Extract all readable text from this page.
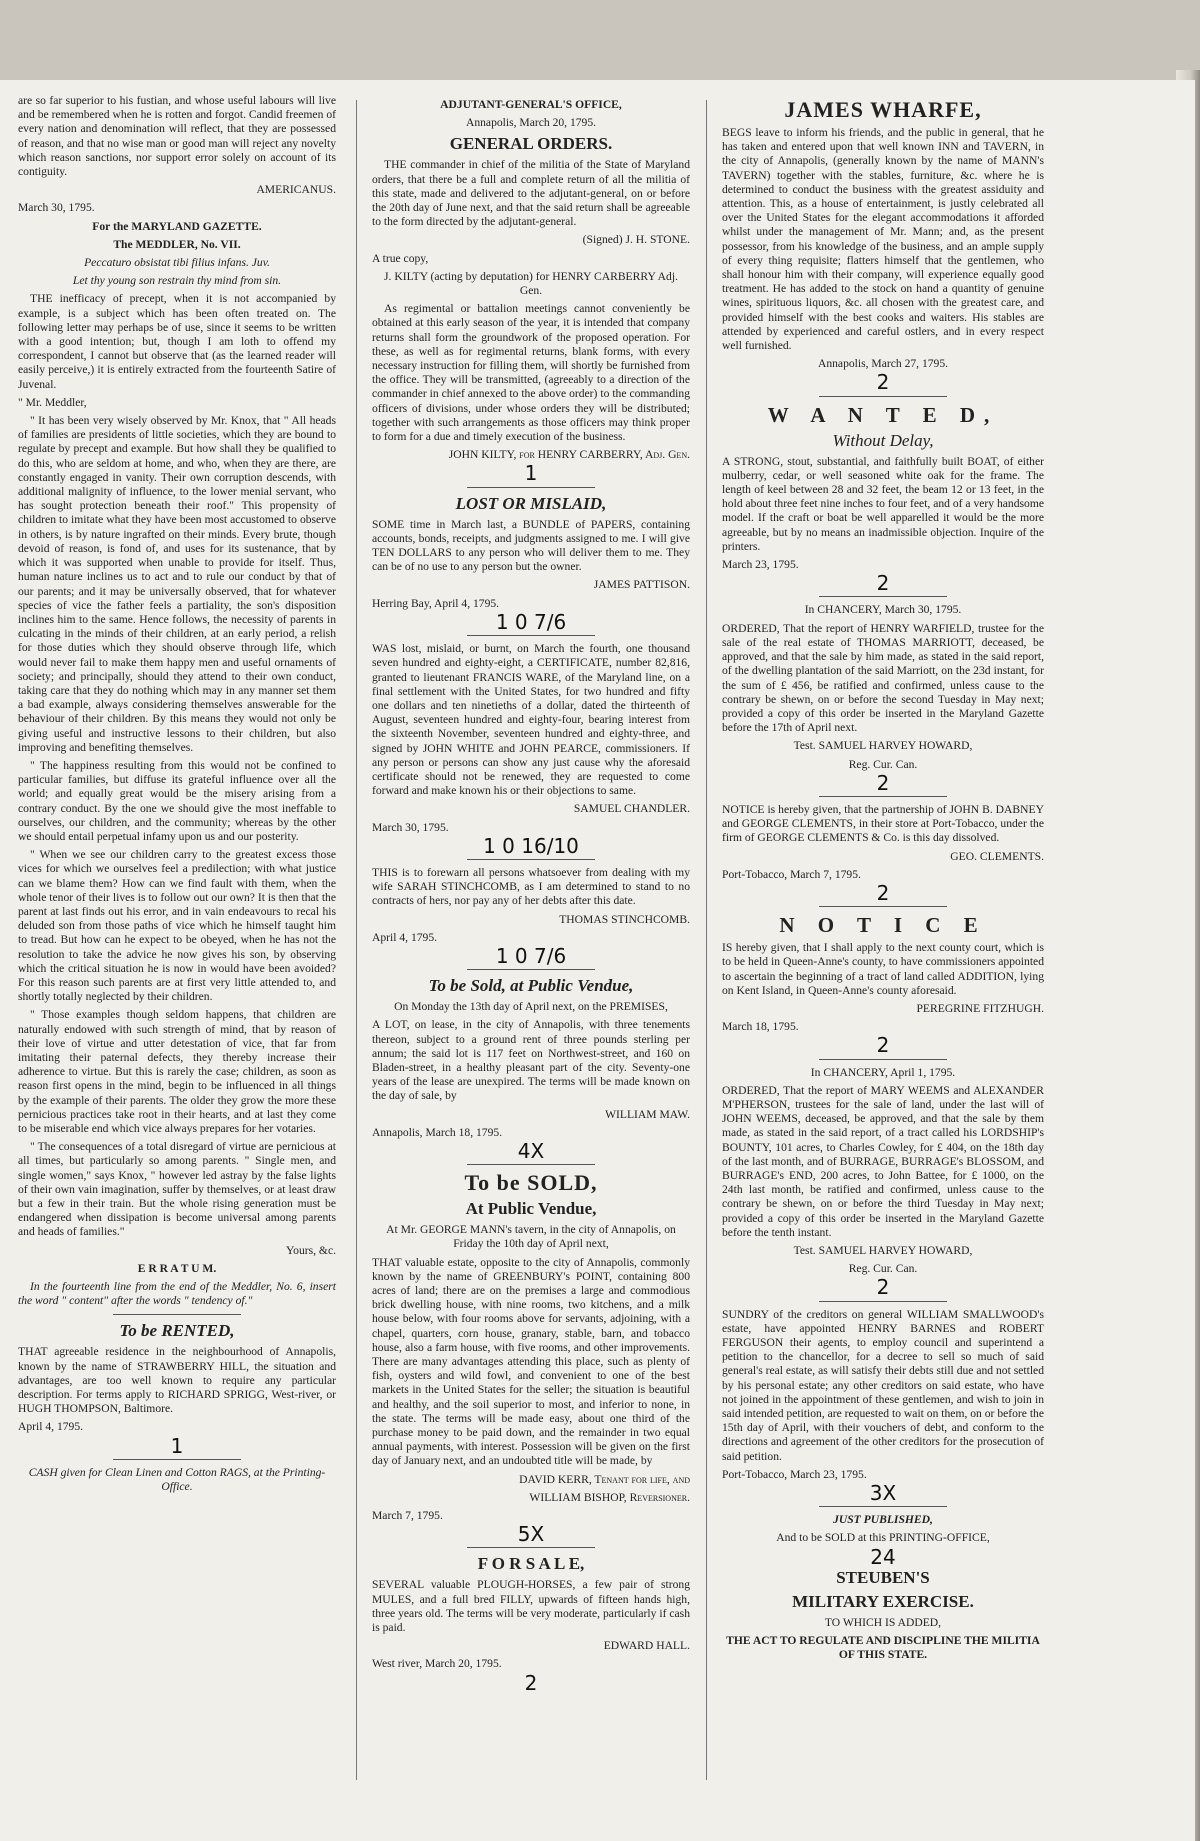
are so far superior to his fustian, and whose useful labours will live and be remembered when he is rotten and forgot. Candid freemen of every nation and denomination will reflect, that they are possessed of reason, and that no wise man or good man will reject any novelty which reason sanctions, nor support error solely on account of its contiguity.

AMERICANUS.

March 30, 1795.

For the MARYLAND GAZETTE.

The MEDDLER, No. VII.

Peccaturo obsistat tibi filius infans. Juv.

Let thy young son restrain thy mind from sin.

THE inefficacy of precept, when it is not accompanied by example, is a subject which has been often treated on. The following letter may perhaps be of use, since it seems to be written with a good intention; but, though I am loth to offend my correspondent, I cannot but observe that (as the learned reader will easily perceive,) it is entirely extracted from the fourteenth Satire of Juvenal.

" Mr. Meddler,

" It has been very wisely observed by Mr. Knox, that " All heads of families are presidents of little societies, which they are bound to regulate by precept and example. But how shall they be qualified to do this, who are seldom at home, and who, when they are there, are constantly engaged in vanity. Their own corruption descends, with additional malignity of influence, to the lower menial servant, who has sought protection beneath their roof." This propensity of children to imitate what they have been most accustomed to observe in others, is by nature ingrafted on their minds. Every brute, though devoid of reason, is fond of, and uses for its sustenance, that by which it was supported when unable to provide for itself. Thus, human nature inclines us to act and to rule our conduct by that of our parents; and it may be universally observed, that for whatever species of vice the father feels a partiality, the son's disposition inclines him to the same. Hence follows, the necessity of parents in culcating in the minds of their children, at an early period, a relish for those duties which they should observe through life, which would never fail to make them happy men and useful ornaments of society; and principally, should they attend to their own conduct, taking care that they do nothing which may in any manner set them a bad example, always considering themselves answerable for the behaviour of their children. By this means they would not only be giving useful and instructive lessons to their children, but also improving and benefiting themselves.

" The happiness resulting from this would not be confined to particular families, but diffuse its grateful influence over all the world; and equally great would be the misery arising from a contrary conduct. By the one we should give the most ineffable to ourselves, our children, and the community; whereas by the other we should entail perpetual infamy upon us and our posterity.

" When we see our children carry to the greatest excess those vices for which we ourselves feel a predilection; with what justice can we blame them? How can we find fault with them, when the whole tenor of their lives is to follow out our own? It is then that the parent at last finds out his error, and in vain endeavours to recal his deluded son from those paths of vice which he himself taught him to tread. But how can he expect to be obeyed, when he has not the resolution to take the advice he now gives his son, by observing which the critical situation he is now in would have been avoided? For this reason such parents are at first very little attended to, and shortly totally neglected by their children.

" Those examples though seldom happens, that children are naturally endowed with such strength of mind, that by reason of their love of virtue and utter detestation of vice, that far from imitating their paternal defects, they thereby increase their adherence to virtue. But this is rarely the case; children, as soon as reason first opens in the mind, begin to be influenced in all things by the example of their parents. The older they grow the more these pernicious practices take root in their hearts, and at last they come to be miserable end which vice always prepares for her votaries.

" The consequences of a total disregard of virtue are pernicious at all times, but particularly so among parents. " Single men, and single women," says Knox, " however led astray by the false lights of their own vain imagination, suffer by themselves, or at least draw but a few in their train. But the whole rising generation must be endangered when dissipation is become universal among parents and heads of families."

Yours, &c.

E R R A T U M.

In the fourteenth line from the end of the Meddler, No. 6, insert the word " content" after the words " tendency of."

To be RENTED,

THAT agreeable residence in the neighbourhood of Annapolis, known by the name of STRAWBERRY HILL, the situation and advantages, are too well known to require any particular description. For terms apply to RICHARD SPRIGG, West-river, or HUGH THOMPSON, Baltimore.

April 4, 1795.

1

CASH given for Clean Linen and Cotton RAGS, at the Printing-Office.

ADJUTANT-GENERAL'S OFFICE,

Annapolis, March 20, 1795.

GENERAL ORDERS.

THE commander in chief of the militia of the State of Maryland orders, that there be a full and complete return of all the militia of this state, made and delivered to the adjutant-general, on or before the 20th day of June next, and that the said return shall be agreeable to the form directed by the adjutant-general.

(Signed) J. H. STONE.

A true copy,

J. KILTY (acting by deputation) for HENRY CARBERRY Adj. Gen.

As regimental or battalion meetings cannot conveniently be obtained at this early season of the year, it is intended that company returns shall form the groundwork of the proposed operation. For these, as well as for regimental returns, blank forms, with every necessary instruction for filling them, will shortly be furnished from the office. They will be transmitted, (agreeably to a direction of the commander in chief annexed to the above order) to the commanding officers of divisions, under whose orders they will be distributed; together with such arrangements as those officers may think proper to form for a due and timely execution of the business.

JOHN KILTY, for HENRY CARBERRY, Adj. Gen.

1

LOST OR MISLAID,

SOME time in March last, a BUNDLE of PAPERS, containing accounts, bonds, receipts, and judgments assigned to me. I will give TEN DOLLARS to any person who will deliver them to me. They can be of no use to any person but the owner.

JAMES PATTISON.

Herring Bay, April 4, 1795.

1 0 7/6

WAS lost, mislaid, or burnt, on March the fourth, one thousand seven hundred and eighty-eight, a CERTIFICATE, number 82,816, granted to lieutenant FRANCIS WARE, of the Maryland line, on a final settlement with the United States, for two hundred and fifty one dollars and ten ninetieths of a dollar, dated the thirteenth of August, seventeen hundred and eighty-four, bearing interest from the sixteenth November, seventeen hundred and eighty-three, and signed by JOHN WHITE and JOHN PEARCE, commissioners. If any person or persons can show any just cause why the aforesaid certificate should not be renewed, they are requested to come forward and make known his or their objections to same.

SAMUEL CHANDLER.

March 30, 1795.

1 0 16/10

THIS is to forewarn all persons whatsoever from dealing with my wife SARAH STINCHCOMB, as I am determined to stand to no contracts of hers, nor pay any of her debts after this date.

THOMAS STINCHCOMB.

April 4, 1795.

1 0 7/6

To be Sold, at Public Vendue,

On Monday the 13th day of April next, on the PREMISES,

A LOT, on lease, in the city of Annapolis, with three tenements thereon, subject to a ground rent of three pounds sterling per annum; the said lot is 117 feet on Northwest-street, and 160 on Bladen-street, in a healthy pleasant part of the city. Seventy-one years of the lease are unexpired. The terms will be made known on the day of sale, by

WILLIAM MAW.

Annapolis, March 18, 1795.

4X

To be SOLD,

At Public Vendue,

At Mr. GEORGE MANN's tavern, in the city of Annapolis, on Friday the 10th day of April next,

THAT valuable estate, opposite to the city of Annapolis, commonly known by the name of GREENBURY's POINT, containing 800 acres of land; there are on the premises a large and commodious brick dwelling house, with nine rooms, two kitchens, and a milk house below, with four rooms above for servants, adjoining, with a chapel, quarters, corn house, granary, stable, barn, and tobacco house, also a farm house, with five rooms, and other improvements. There are many advantages attending this place, such as plenty of fish, oysters and wild fowl, and convenient to one of the best markets in the United States for the seller; the situation is beautiful and healthy, and the soil superior to most, and inferior to none, in the state. The terms will be made easy, about one third of the purchase money to be paid down, and the remainder in two equal annual payments, with interest. Possession will be given on the first day of January next, and an undoubted title will be made, by

DAVID KERR, Tenant for life, and

WILLIAM BISHOP, Reversioner.

March 7, 1795.

5X

F O R S A L E,

SEVERAL valuable PLOUGH-HORSES, a few pair of strong MULES, and a full bred FILLY, upwards of fifteen hands high, three years old. The terms will be very moderate, particularly if cash is paid.

EDWARD HALL.

West river, March 20, 1795.

2

JAMES WHARFE,

BEGS leave to inform his friends, and the public in general, that he has taken and entered upon that well known INN and TAVERN, in the city of Annapolis, (generally known by the name of MANN's TAVERN) together with the stables, furniture, &c. where he is determined to conduct the business with the greatest assiduity and attention. This, as a house of entertainment, is justly celebrated all over the United States for the elegant accommodations it afforded whilst under the management of Mr. Mann; and, as the present possessor, from his knowledge of the business, and an ample supply of every thing requisite; flatters himself that the gentlemen, who shall honour him with their company, will experience equally good treatment. He has added to the stock on hand a quantity of genuine wines, spirituous liquors, &c. all chosen with the greatest care, and provided himself with the best cooks and waiters. His stables are attended by experienced and careful ostlers, and in every respect well furnished.

Annapolis, March 27, 1795.

2

W A N T E D,

Without Delay,

A STRONG, stout, substantial, and faithfully built BOAT, of either mulberry, cedar, or well seasoned white oak for the frame. The length of keel between 28 and 32 feet, the beam 12 or 13 feet, in the hold about three feet nine inches to four feet, and of a very handsome model. If the craft or boat be well apparelled it would be the more agreeable, but by no means an inadmissible objection. Inquire of the printers.

March 23, 1795.

2

In CHANCERY, March 30, 1795.

ORDERED, That the report of HENRY WARFIELD, trustee for the sale of the real estate of THOMAS MARRIOTT, deceased, be approved, and that the sale by him made, as stated in the said report, of the dwelling plantation of the said Marriott, on the 23d instant, for the sum of £ 456, be ratified and confirmed, unless cause to the contrary be shewn, on or before the second Tuesday in May next; provided a copy of this order be inserted in the Maryland Gazette before the 17th of April next.

Test. SAMUEL HARVEY HOWARD,

Reg. Cur. Can.

2

NOTICE is hereby given, that the partnership of JOHN B. DABNEY and GEORGE CLEMENTS, in their store at Port-Tobacco, under the firm of GEORGE CLEMENTS & Co. is this day dissolved.

GEO. CLEMENTS.

Port-Tobacco, March 7, 1795.

2

N O T I C E

IS hereby given, that I shall apply to the next county court, which is to be held in Queen-Anne's county, to have commissioners appointed to ascertain the beginning of a tract of land called ADDITION, lying on Kent Island, in Queen-Anne's county aforesaid.

PEREGRINE FITZHUGH.

March 18, 1795.

2

In CHANCERY, April 1, 1795.

ORDERED, That the report of MARY WEEMS and ALEXANDER M'PHERSON, trustees for the sale of land, under the last will of JOHN WEEMS, deceased, be approved, and that the sale by them made, as stated in the said report, of a tract called his LORDSHIP's BOUNTY, 101 acres, to Charles Cowley, for £ 404, on the 18th day of the last month, and of BURRAGE, BURRAGE's BLOSSOM, and BURRAGE's END, 200 acres, to John Battee, for £ 1000, on the 24th last month, be ratified and confirmed, unless cause to the contrary be shewn, on or before the third Tuesday in May next; provided a copy of this order be inserted in the Maryland Gazette before the tenth instant.

Test. SAMUEL HARVEY HOWARD,

Reg. Cur. Can.

2

SUNDRY of the creditors on general WILLIAM SMALLWOOD's estate, have appointed HENRY BARNES and ROBERT FERGUSON their agents, to employ council and superintend a petition to the chancellor, for a decree to sell so much of said general's real estate, as will satisfy their debts still due and not settled by his personal estate; any other creditors on said estate, who have not joined in the appointment of these gentlemen, and wish to join in said intended petition, are requested to wait on them, on or before the 15th day of April, with their vouchers of debt, and conform to the directions and agreement of the other creditors for the prosecution of said petition.

Port-Tobacco, March 23, 1795.

3X

JUST PUBLISHED,

And to be SOLD at this PRINTING-OFFICE,

24

STEUBEN'S

MILITARY EXERCISE.

TO WHICH IS ADDED,

THE ACT TO REGULATE AND DISCIPLINE THE MILITIA OF THIS STATE.
